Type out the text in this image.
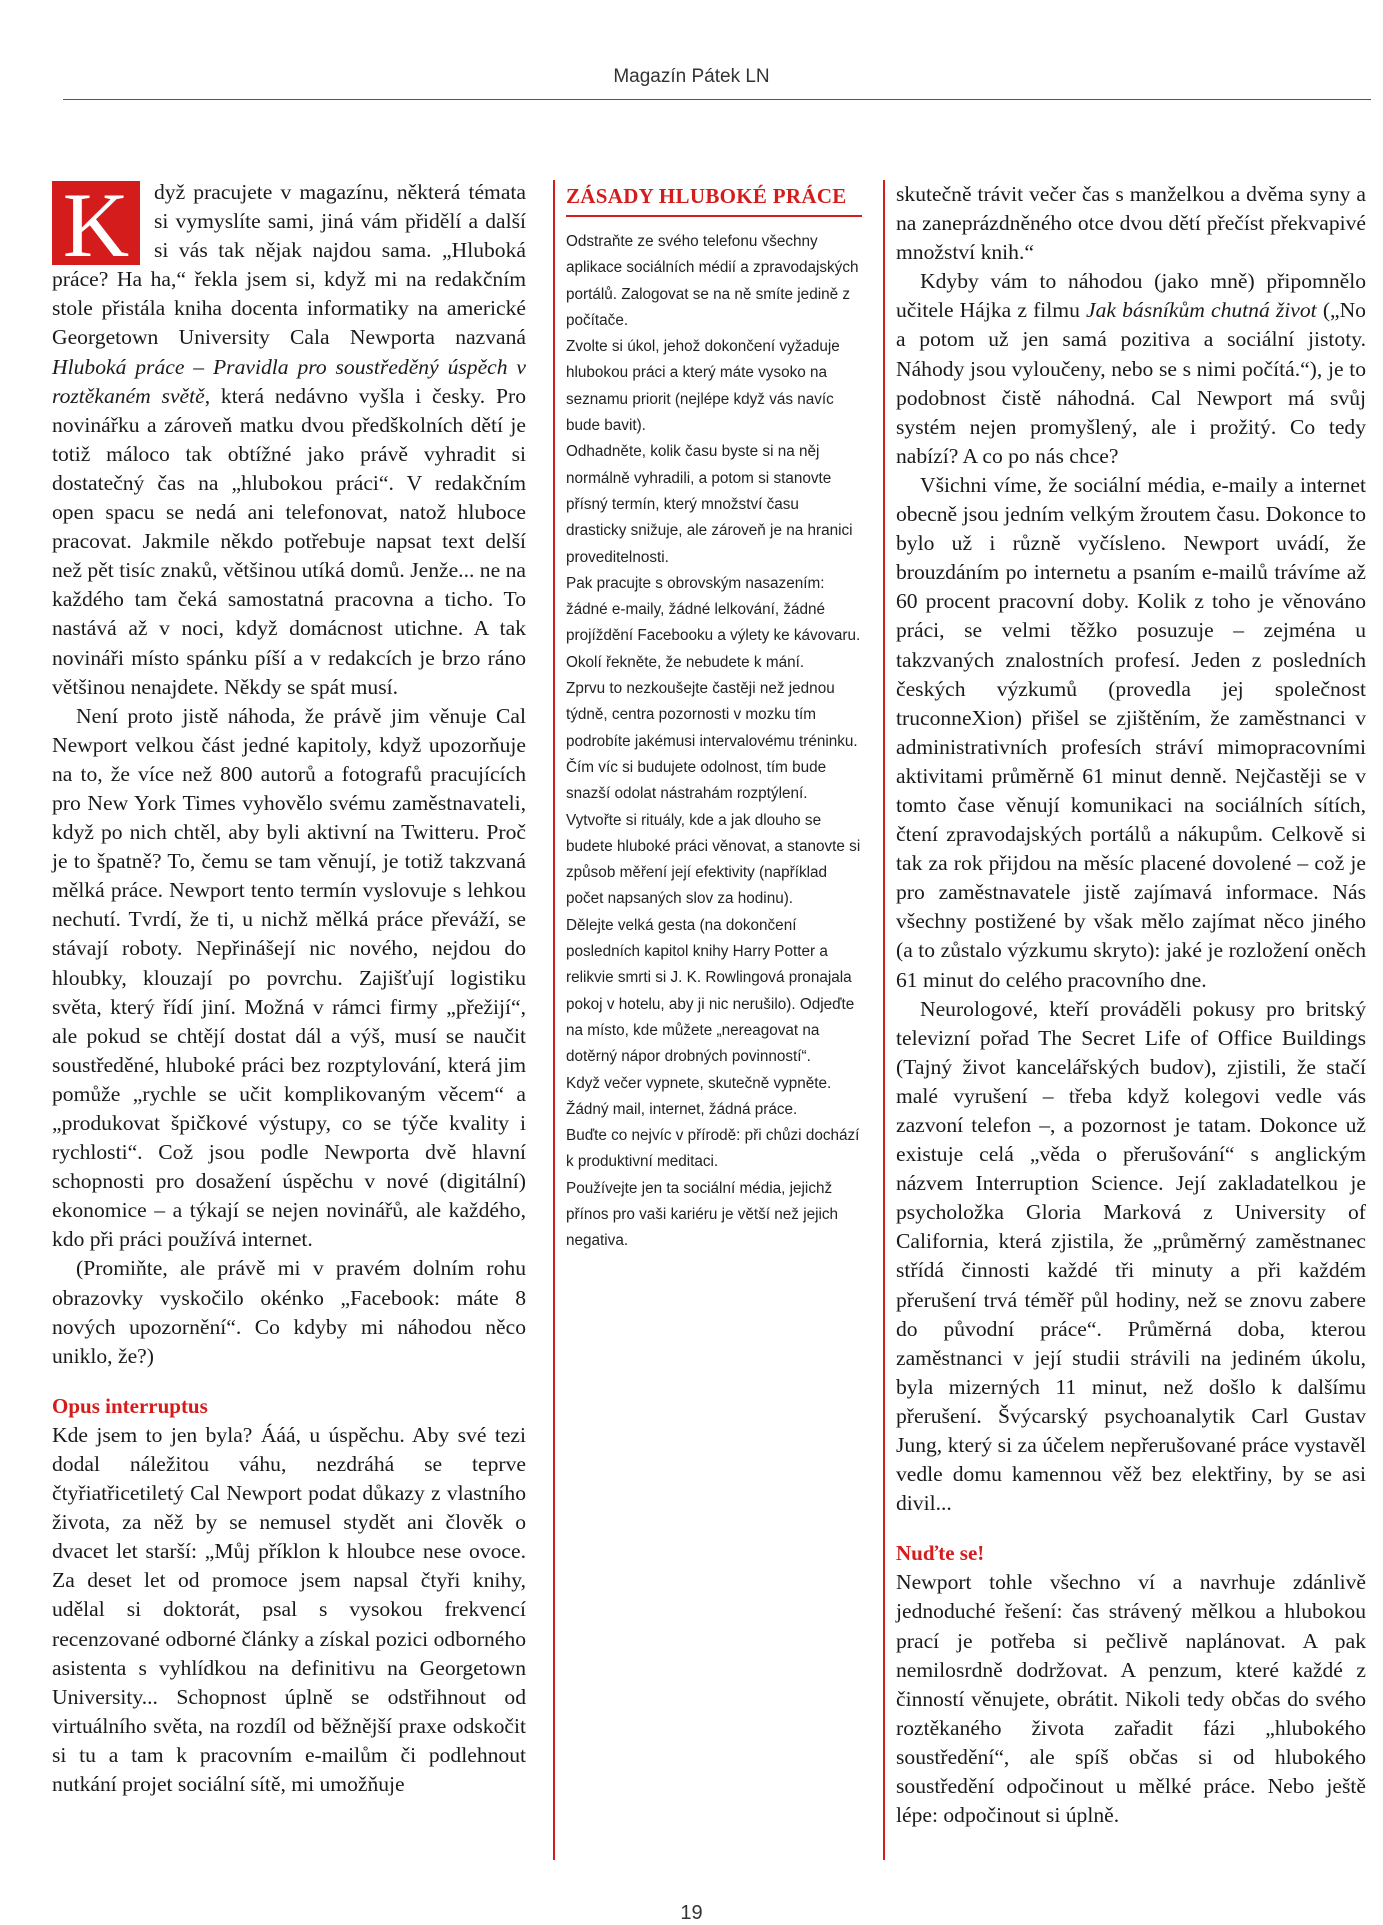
Magazín Pátek LN
K	dyž pracujete v magazínu, některá témata si vymyslíte sami, jiná vám přidělí a další si vás tak nějak najdou sama. „Hluboká práce? Ha ha,“ řekla jsem si, když mi na redakčním stole přistála kniha docenta informatiky na americké Georgetown University Cala Newporta nazvaná Hluboká práce – Pravidla pro soustředěný úspěch v roztěkaném světě, která nedávno vyšla i česky. Pro novinářku a zároveň matku dvou předškolních dětí je totiž máloco tak obtížné jako právě vyhradit si dostatečný čas na „hlubokou práci“. V redakčním open spacu se nedá ani telefonovat, natož hluboce pracovat. Jakmile někdo potřebuje napsat text delší než pět tisíc znaků, většinou utíká domů. Jenže... ne na každého tam čeká samostatná pracovna a ticho. To nastává až v noci, když domácnost utichne. A tak novináři místo spánku píší a v redakcích je brzo ráno většinou nenajdete. Někdy se spát musí.

Není proto jistě náhoda, že právě jim věnuje Cal Newport velkou část jedné kapitoly, když upozorňuje na to, že více než 800 autorů a fotografů pracujících pro New York Times vyhovělo svému zaměstnavateli, když po nich chtěl, aby byli aktivní na Twitteru. Proč je to špatně? To, čemu se tam věnují, je totiž takzvaná mělká práce. Newport tento termín vyslovuje s lehkou nechutí. Tvrdí, že ti, u nichž mělká práce převáží, se stávají roboty. Nepřinášejí nic nového, nejdou do hloubky, klouzají po povrchu. Zajišťují logistiku světa, který řídí jiní. Možná v rámci firmy „přežijí“, ale pokud se chtějí dostat dál a výš, musí se naučit soustředěné, hluboké práci bez rozptylování, která jim pomůže „rychle se učit komplikovaným věcem“ a „produkovat špičkové výstupy, co se týče kvality i rychlosti“. Což jsou podle Newporta dvě hlavní schopnosti pro dosažení úspěchu v nové (digitální) ekonomice – a týkají se nejen novinářů, ale každého, kdo při práci používá internet.

(Promiňte, ale právě mi v pravém dolním rohu obrazovky vyskočilo okénko „Facebook: máte 8 nových upozornění“. Co kdyby mi náhodou něco uniklo, že?)

Opus interruptus

Kde jsem to jen byla? Ááá, u úspěchu. Aby své tezi dodal náležitou váhu, nezdráhá se teprve čtyřiatřicetiletý Cal Newport podat důkazy z vlastního života, za něž by se nemusel stydět ani člověk o dvacet let starší: „Můj příklon k hloubce nese ovoce. Za deset let od promoce jsem napsal čtyři knihy, udělal si doktorát, psal s vysokou frekvencí recenzované odborné články a získal pozici odborného asistenta s vyhlídkou na definitivu na Georgetown University... Schopnost úplně se odstřihnout od virtuálního světa, na rozdíl od běžnější praxe odskočit si tu a tam k pracovním e-mailům či podlehnout nutkání projet sociální sítě, mi umožňuje

ZÁSADY HLUBOKÉ PRÁCE

Odstraňte ze svého telefonu všechny aplikace sociálních médií a zpravodajských portálů. Zalogovat se na ně smíte jedině z počítače.

Zvolte si úkol, jehož dokončení vyžaduje hlubokou práci a který máte vysoko na seznamu priorit (nejlépe když vás navíc bude bavit).

Odhadněte, kolik času byste si na něj normálně vyhradili, a potom si stanovte přísný termín, který množství času drasticky snižuje, ale zároveň je na hranici proveditelnosti.

Pak pracujte s obrovským nasazením: žádné e-maily, žádné lelkování, žádné projíždění Facebooku a výlety ke kávovaru. Okolí řekněte, že nebudete k mání.

Zprvu to nezkoušejte častěji než jednou týdně, centra pozornosti v mozku tím podrobíte jakémusi intervalovému tréninku. Čím víc si budujete odolnost, tím bude snazší odolat nástrahám rozptýlení.

Vytvořte si rituály, kde a jak dlouho se budete hluboké práci věnovat, a stanovte si způsob měření její efektivity (například počet napsaných slov za hodinu).

Dělejte velká gesta (na dokončení posledních kapitol knihy Harry Potter a relikvie smrti si J. K. Rowlingová pronajala pokoj v hotelu, aby ji nic nerušilo). Odjeďte na místo, kde můžete „nereagovat na dotěrný nápor drobných povinností“.

Když večer vypnete, skutečně vypněte. Žádný mail, internet, žádná práce.

Buďte co nejvíc v přírodě: při chůzi dochází k produktivní meditaci.

Používejte jen ta sociální média, jejichž přínos pro vaši kariéru je větší než jejich negativa.

skutečně trávit večer čas s manželkou a dvěma syny a na zaneprázdněného otce dvou dětí přečíst překvapivé množství knih.“

Kdyby vám to náhodou (jako mně) připomnělo učitele Hájka z filmu Jak básníkům chutná život („No a potom už jen samá pozitiva a sociální jistoty. Náhody jsou vyloučeny, nebo se s nimi počítá.“), je to podobnost čistě náhodná. Cal Newport má svůj systém nejen promyšlený, ale i prožitý. Co tedy nabízí? A co po nás chce?

Všichni víme, že sociální média, e-maily a internet obecně jsou jedním velkým žroutem času. Dokonce to bylo už i různě vyčísleno. Newport uvádí, že brouzdáním po internetu a psaním e-mailů trávíme až 60 procent pracovní doby. Kolik z toho je věnováno práci, se velmi těžko posuzuje – zejména u takzvaných znalostních profesí. Jeden z posledních českých výzkumů (provedla jej společnost truconneXion) přišel se zjištěním, že zaměstnanci v administrativních profesích stráví mimopracovními aktivitami průměrně 61 minut denně. Nejčastěji se v tomto čase věnují komunikaci na sociálních sítích, čtení zpravodajských portálů a nákupům. Celkově si tak za rok přijdou na měsíc placené dovolené – což je pro zaměstnavatele jistě zajímavá informace. Nás všechny postižené by však mělo zajímat něco jiného (a to zůstalo výzkumu skryto): jaké je rozložení oněch 61 minut do celého pracovního dne.

Neurologové, kteří prováděli pokusy pro britský televizní pořad The Secret Life of Office Buildings (Tajný život kancelářských budov), zjistili, že stačí malé vyrušení – třeba když kolegovi vedle vás zazvoní telefon –, a pozornost je tatam. Dokonce už existuje celá „věda o přerušování“ s anglickým názvem Interruption Science. Její zakladatelkou je psycholožka Gloria Marková z University of California, která zjistila, že „průměrný zaměstnanec střídá činnosti každé tři minuty a při každém přerušení trvá téměř půl hodiny, než se znovu zabere do původní práce“. Průměrná doba, kterou zaměstnanci v její studii strávili na jediném úkolu, byla mizerných 11 minut, než došlo k dalšímu přerušení. Švýcarský psychoanalytik Carl Gustav Jung, který si za účelem nepřerušované práce vystavěl vedle domu kamennou věž bez elektřiny, by se asi divil...

Nuďte se!

Newport tohle všechno ví a navrhuje zdánlivě jednoduché řešení: čas strávený mělkou a hlubokou prací je potřeba si pečlivě naplánovat. A pak nemilosrdně dodržovat. A penzum, které každé z činností věnujete, obrátit. Nikoli tedy občas do svého roztěkaného života zařadit fázi „hlubokého soustředění“, ale spíš občas si od hlubokého soustředění odpočinout u mělké práce. Nebo ještě lépe: odpočinout si úplně.

19
